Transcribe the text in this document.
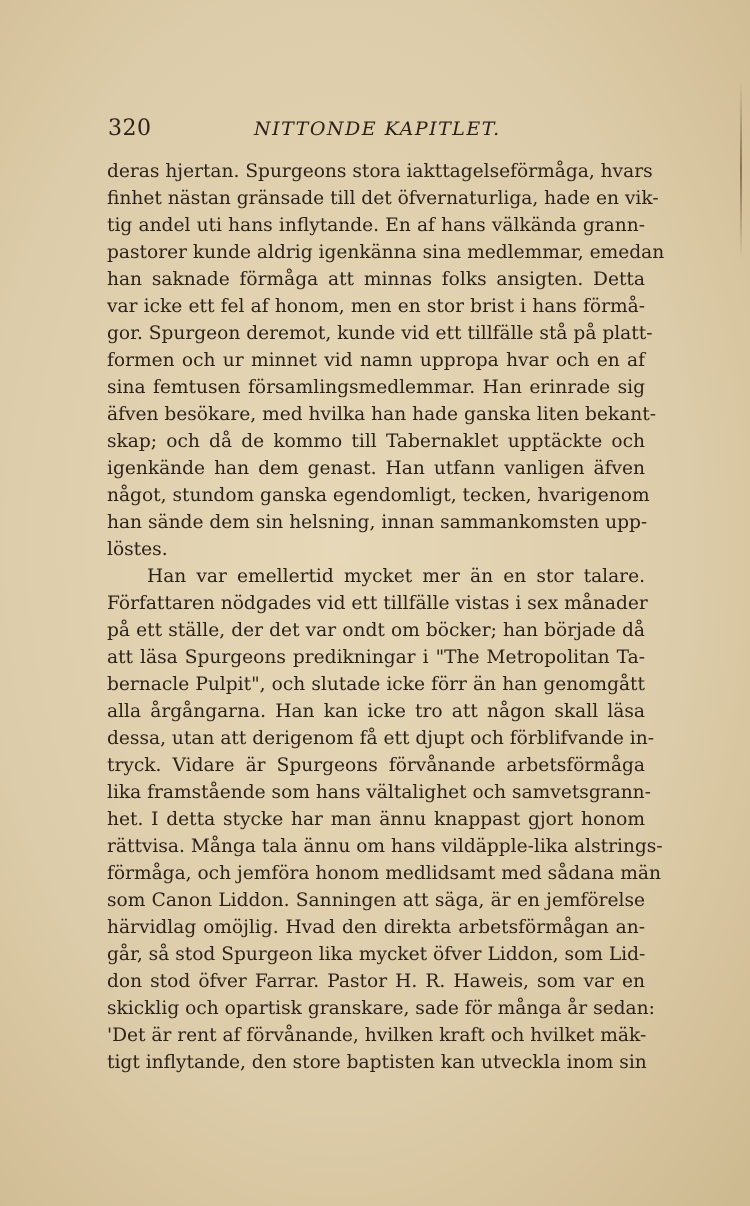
320	NITTONDE KAPITLET.
deras hjertan. Spurgeons stora iakttagelseförmåga, hvars
finhet nästan gränsade till det öfvernaturliga, hade en vik-
tig andel uti hans inflytande. En af hans välkända grann-
pastorer kunde aldrig igenkänna sina medlemmar, emedan
han saknade förmåga att minnas folks ansigten. Detta
var icke ett fel af honom, men en stor brist i hans förmå-
gor. Spurgeon deremot, kunde vid ett tillfälle stå på platt-
formen och ur minnet vid namn uppropa hvar och en af
sina femtusen församlingsmedlemmar. Han erinrade sig
äfven besökare, med hvilka han hade ganska liten bekant-
skap; och då de kommo till Tabernaklet upptäckte och
igenkände han dem genast. Han utfann vanligen äfven
något, stundom ganska egendomligt, tecken, hvarigenom
han sände dem sin helsning, innan sammankomsten upp-
löstes.
Han var emellertid mycket mer än en stor talare.
Författaren nödgades vid ett tillfälle vistas i sex månader
på ett ställe, der det var ondt om böcker; han började då
att läsa Spurgeons predikningar i "The Metropolitan Ta-
bernacle Pulpit", och slutade icke förr än han genomgått
alla årgångarna. Han kan icke tro att någon skall läsa
dessa, utan att derigenom få ett djupt och förblifvande in-
tryck. Vidare är Spurgeons förvånande arbetsförmåga
lika framstående som hans vältalighet och samvetsgrann-
het. I detta stycke har man ännu knappast gjort honom
rättvisa. Många tala ännu om hans vildäpple-lika alstrings-
förmåga, och jemföra honom medlidsamt med sådana män
som Canon Liddon. Sanningen att säga, är en jemförelse
härvidlag omöjlig. Hvad den direkta arbetsförmågan an-
går, så stod Spurgeon lika mycket öfver Liddon, som Lid-
don stod öfver Farrar. Pastor H. R. Haweis, som var en
skicklig och opartisk granskare, sade för många år sedan:
'Det är rent af förvånande, hvilken kraft och hvilket mäk-
tigt inflytande, den store baptisten kan utveckla inom sin
